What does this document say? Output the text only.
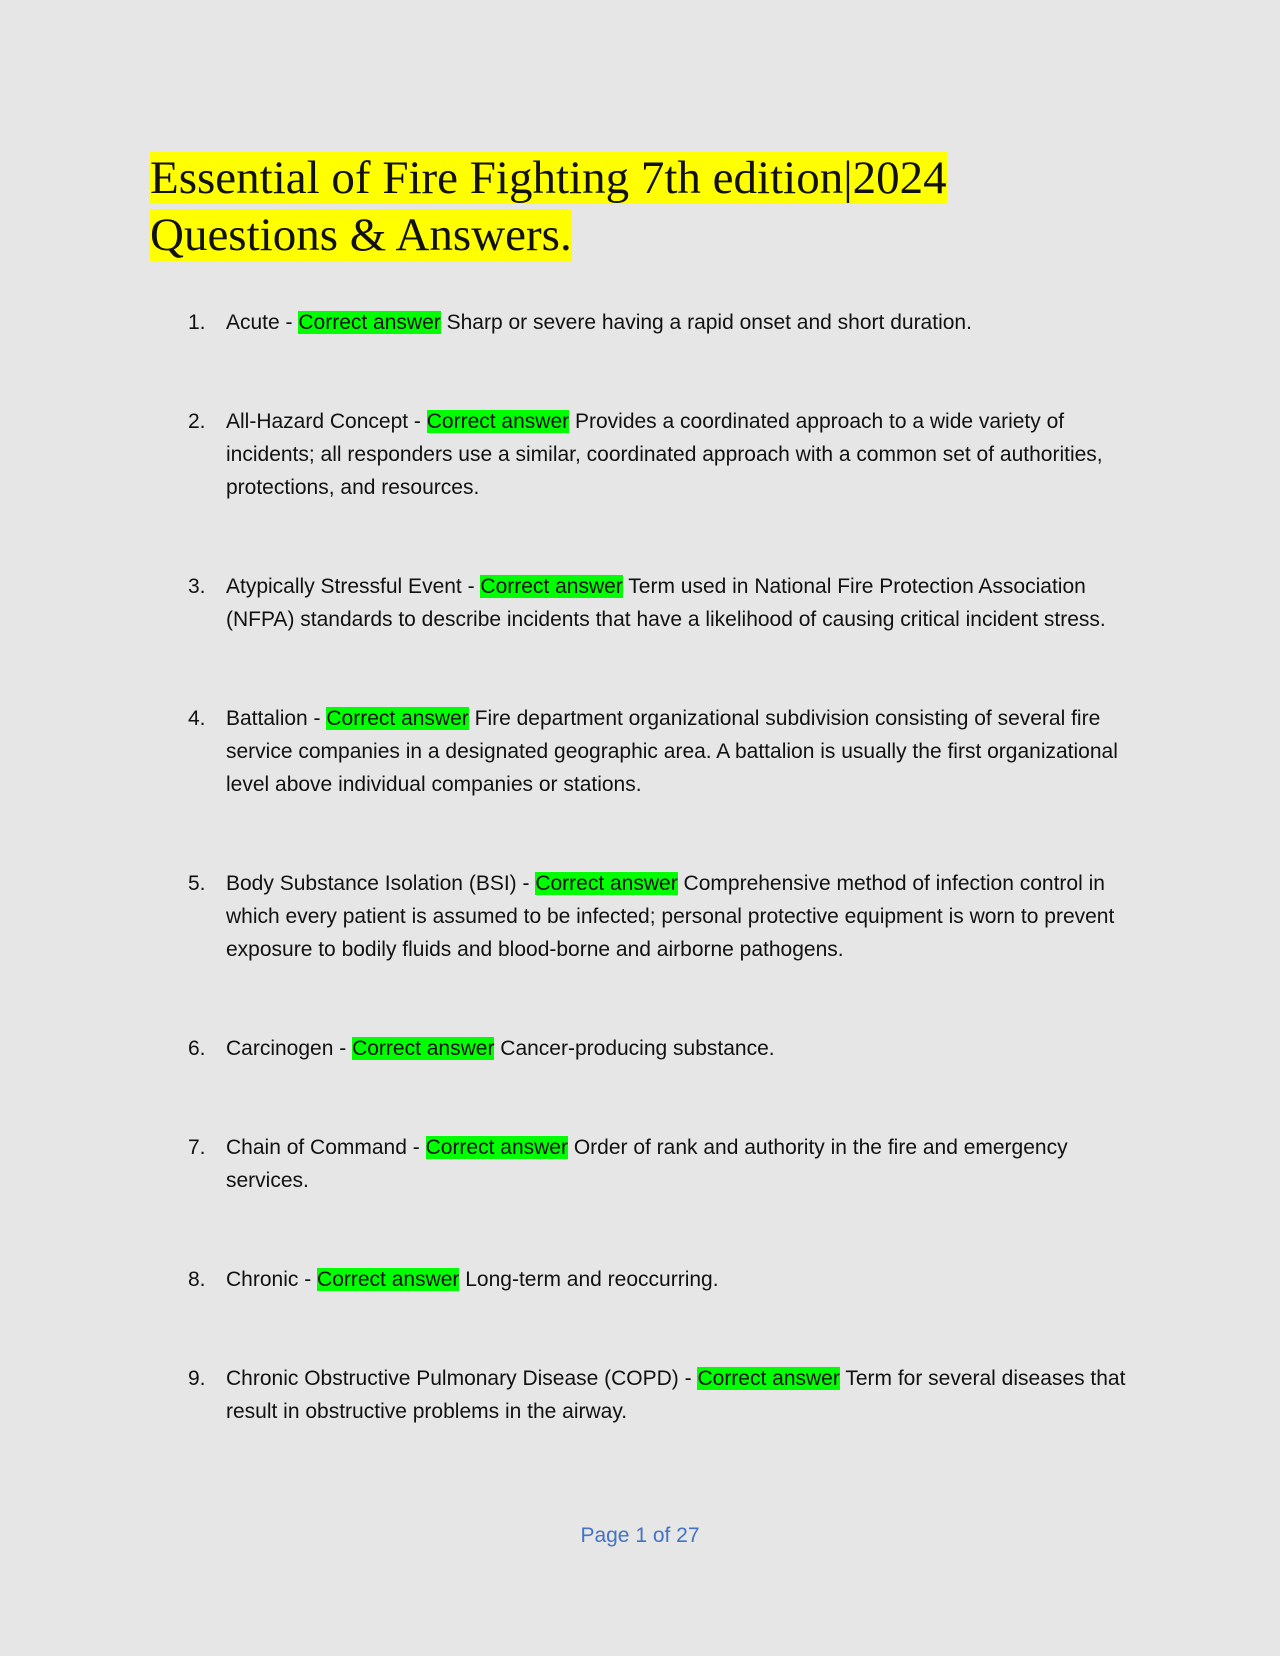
Essential of Fire Fighting 7th edition|2024
Questions & Answers.
1. Acute - Correct answer Sharp or severe having a rapid onset and short duration.
2. All-Hazard Concept - Correct answer Provides a coordinated approach to a wide variety of incidents; all responders use a similar, coordinated approach with a common set of authorities, protections, and resources.
3. Atypically Stressful Event - Correct answer Term used in National Fire Protection Association (NFPA) standards to describe incidents that have a likelihood of causing critical incident stress.
4. Battalion - Correct answer Fire department organizational subdivision consisting of several fire service companies in a designated geographic area. A battalion is usually the first organizational level above individual companies or stations.
5. Body Substance Isolation (BSI) - Correct answer Comprehensive method of infection control in which every patient is assumed to be infected; personal protective equipment is worn to prevent exposure to bodily fluids and blood-borne and airborne pathogens.
6. Carcinogen - Correct answer Cancer-producing substance.
7. Chain of Command - Correct answer Order of rank and authority in the fire and emergency services.
8. Chronic - Correct answer Long-term and reoccurring.
9. Chronic Obstructive Pulmonary Disease (COPD) - Correct answer Term for several diseases that result in obstructive problems in the airway.
Page 1 of 27
